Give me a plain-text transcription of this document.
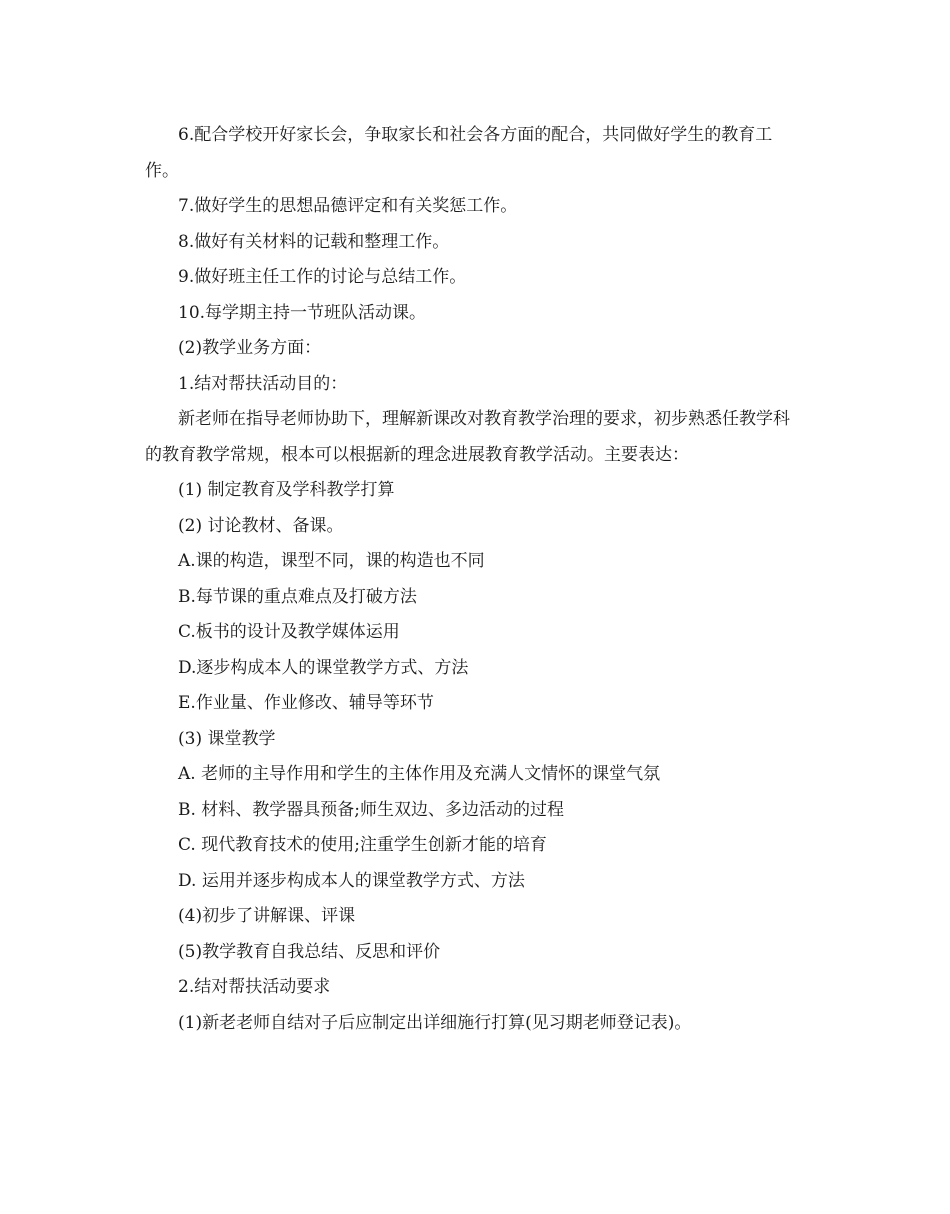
6.配合学校开好家长会，争取家长和社会各方面的配合，共同做好学生的教育工作。

7.做好学生的思想品德评定和有关奖惩工作。

8.做好有关材料的记载和整理工作。

9.做好班主任工作的讨论与总结工作。

10.每学期主持一节班队活动课。

(2)教学业务方面：

1.结对帮扶活动目的：

新老师在指导老师协助下，理解新课改对教育教学治理的要求，初步熟悉任教学科的教育教学常规，根本可以根据新的理念进展教育教学活动。主要表达：

(1) 制定教育及学科教学打算

(2) 讨论教材、备课。

A.课的构造，课型不同，课的构造也不同

B.每节课的重点难点及打破方法

C.板书的设计及教学媒体运用

D.逐步构成本人的课堂教学方式、方法

E.作业量、作业修改、辅导等环节

(3) 课堂教学

A. 老师的主导作用和学生的主体作用及充满人文情怀的课堂气氛

B. 材料、教学器具预备;师生双边、多边活动的过程

C. 现代教育技术的使用;注重学生创新才能的培育

D. 运用并逐步构成本人的课堂教学方式、方法

(4)初步了讲解课、评课

(5)教学教育自我总结、反思和评价

2.结对帮扶活动要求

(1)新老老师自结对子后应制定出详细施行打算(见习期老师登记表)。
